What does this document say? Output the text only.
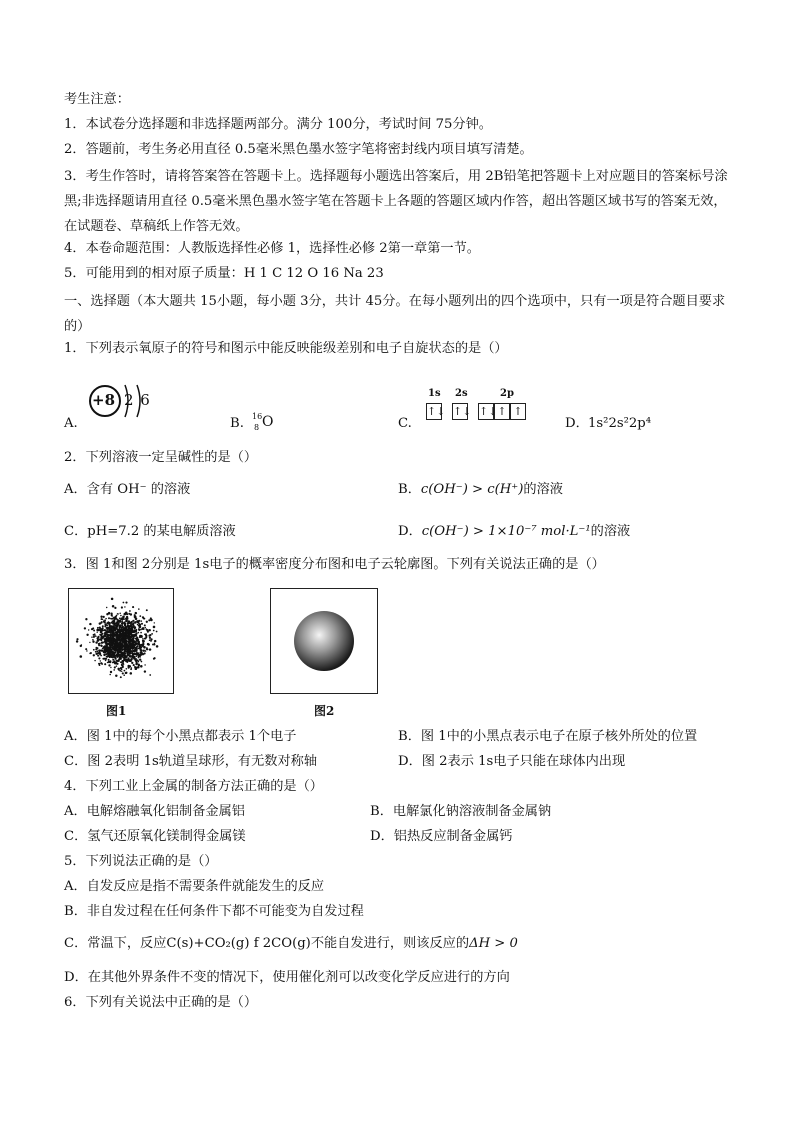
考生注意：
1．本试卷分选择题和非选择题两部分。满分 100分，考试时间 75分钟。
2．答题前，考生务必用直径 0.5毫米黑色墨水签字笔将密封线内项目填写清楚。
3．考生作答时，请将答案答在答题卡上。选择题每小题选出答案后，用 2B铅笔把答题卡上对应题目的答案标号涂黑;非选择题请用直径 0.5毫米黑色墨水签字笔在答题卡上各题的答题区域内作答，超出答题区域书写的答案无效，在试题卷、草稿纸上作答无效。
4．本卷命题范围：人教版选择性必修 1，选择性必修 2第一章第一节。
5．可能用到的相对原子质量：H 1 C 12 O 16 Na 23
一、选择题（本大题共 15小题，每小题 3分，共计 45分。在每小题列出的四个选项中，只有一项是符合题目要求的）
1．下列表示氧原子的符号和图示中能反映能级差别和电子自旋状态的是（）
A.
+8 2 6
B. 16
8 O	C.
1s 2s	2p
↑↓ ↑↓ ↑↓ ↑ ↑
D． 1s²2s²2p⁴
2．下列溶液一定呈碱性的是（）
A．含有 OH⁻ 的溶液	B．c(OH⁻) > c(H⁺)的溶液
C．pH=7.2 的某电解质溶液	D．c(OH⁻) > 1×10⁻⁷ mol·L⁻¹的溶液
3．图 1和图 2分别是 1s电子的概率密度分布图和电子云轮廓图。下列有关说法正确的是（）
图1	图2
A．图 1中的每个小黑点都表示 1个电子	B．图 1中的小黑点表示电子在原子核外所处的位置
C．图 2表明 1s轨道呈球形，有无数对称轴	D．图 2表示 1s电子只能在球体内出现
4．下列工业上金属的制备方法正确的是（）
A．电解熔融氧化铝制备金属铝	B．电解氯化钠溶液制备金属钠
C．氢气还原氧化镁制得金属镁	D．铝热反应制备金属钙
5．下列说法正确的是（）
A．自发反应是指不需要条件就能发生的反应
B．非自发过程在任何条件下都不可能变为自发过程
C．常温下，反应C(s)+CO₂(g) f 2CO(g)不能自发进行，则该反应的ΔH > 0
D．在其他外界条件不变的情况下，使用催化剂可以改变化学反应进行的方向
6．下列有关说法中正确的是（）
